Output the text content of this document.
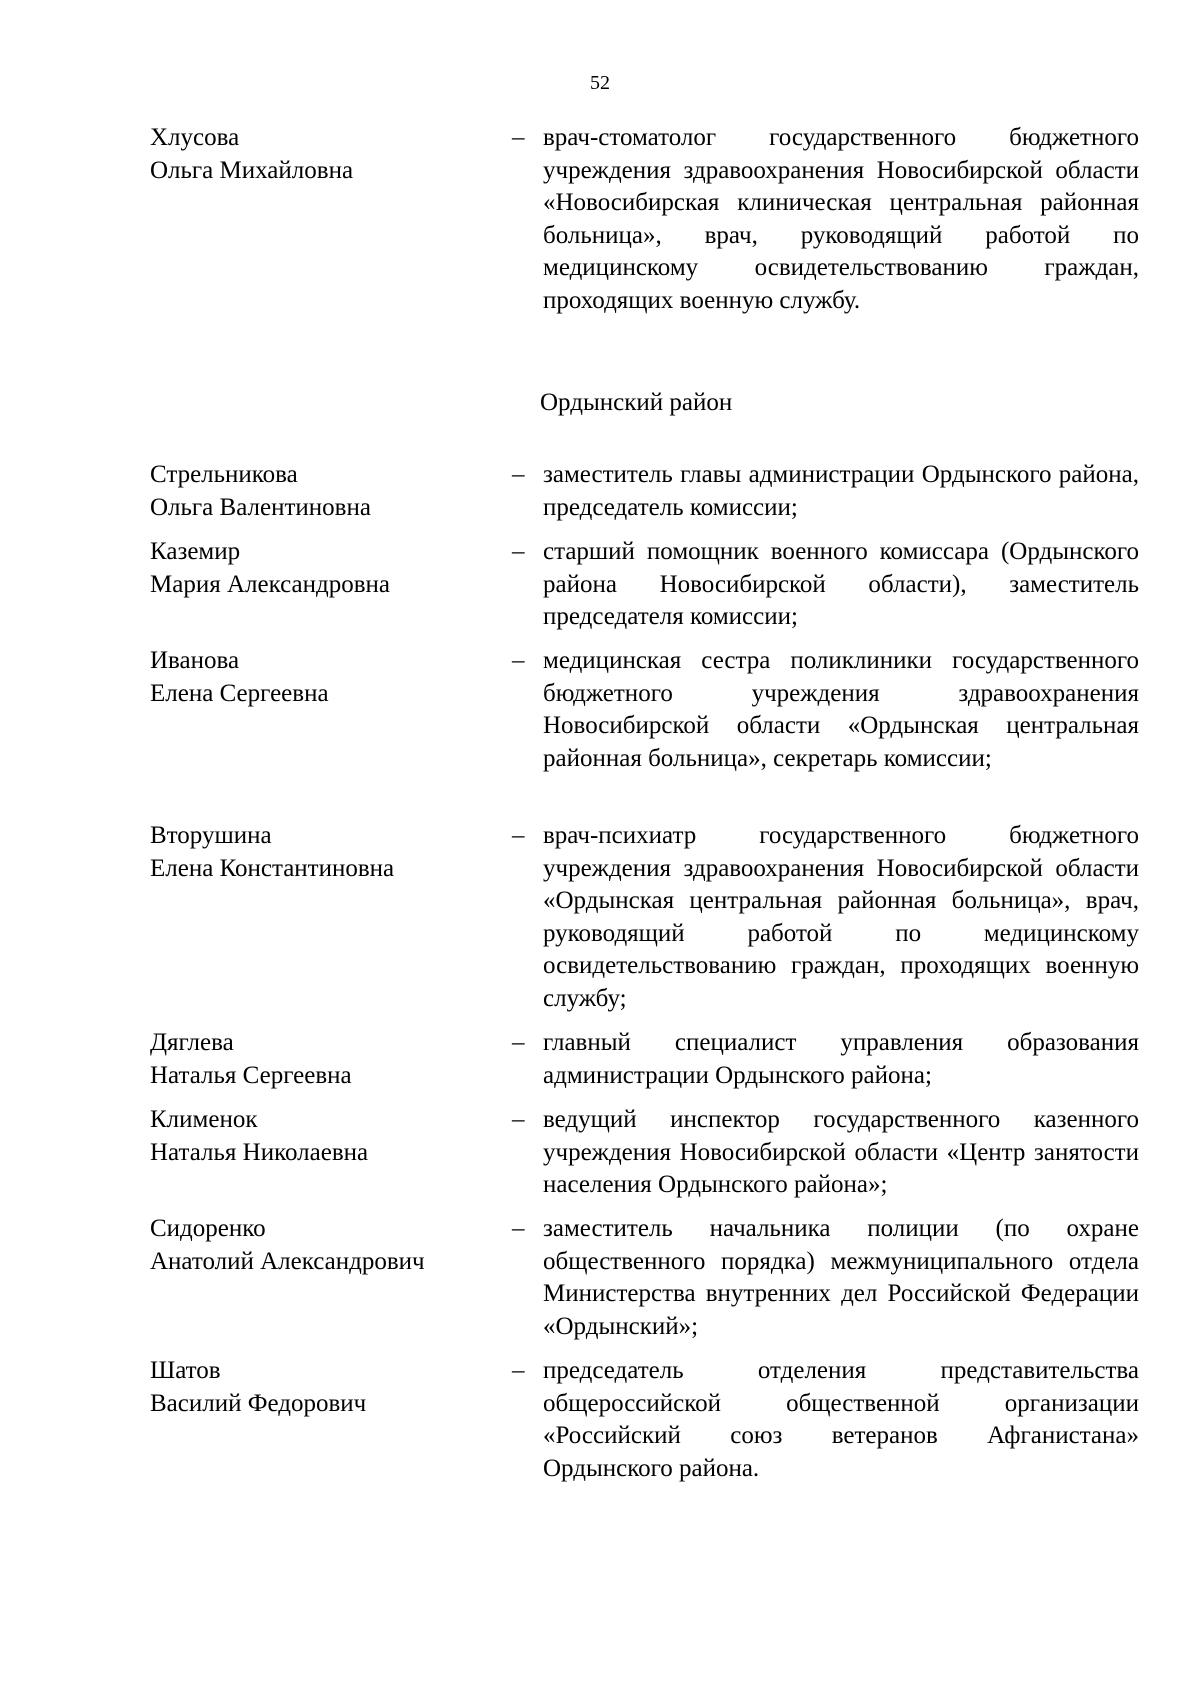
52
Хлусова
Ольга Михайловна
– врач-стоматолог государственного бюджетного учреждения здравоохранения Новосибирской области «Новосибирская клиническая центральная районная больница», врач, руководящий работой по медицинскому освидетельствованию граждан, проходящих военную службу.
Ордынский район
Стрельникова
Ольга Валентиновна
– заместитель главы администрации Ордынского района, председатель комиссии;
Каземир
Мария Александровна
– старший помощник военного комиссара (Ордынского района Новосибирской области), заместитель председателя комиссии;
Иванова
Елена Сергеевна
– медицинская сестра поликлиники государственного бюджетного учреждения здравоохранения Новосибирской области «Ордынская центральная районная больница», секретарь комиссии;
Вторушина
Елена Константиновна
– врач-психиатр государственного бюджетного учреждения здравоохранения Новосибирской области «Ордынская центральная районная больница», врач, руководящий работой по медицинскому освидетельствованию граждан, проходящих военную службу;
Дяглева
Наталья Сергеевна
– главный специалист управления образования администрации Ордынского района;
Клименок
Наталья Николаевна
– ведущий инспектор государственного казенного учреждения Новосибирской области «Центр занятости населения Ордынского района»;
Сидоренко
Анатолий Александрович
– заместитель начальника полиции (по охране общественного порядка) межмуниципального отдела Министерства внутренних дел Российской Федерации «Ордынский»;
Шатов
Василий Федорович
– председатель отделения представительства общероссийской общественной организации «Российский союз ветеранов Афганистана» Ордынского района.
